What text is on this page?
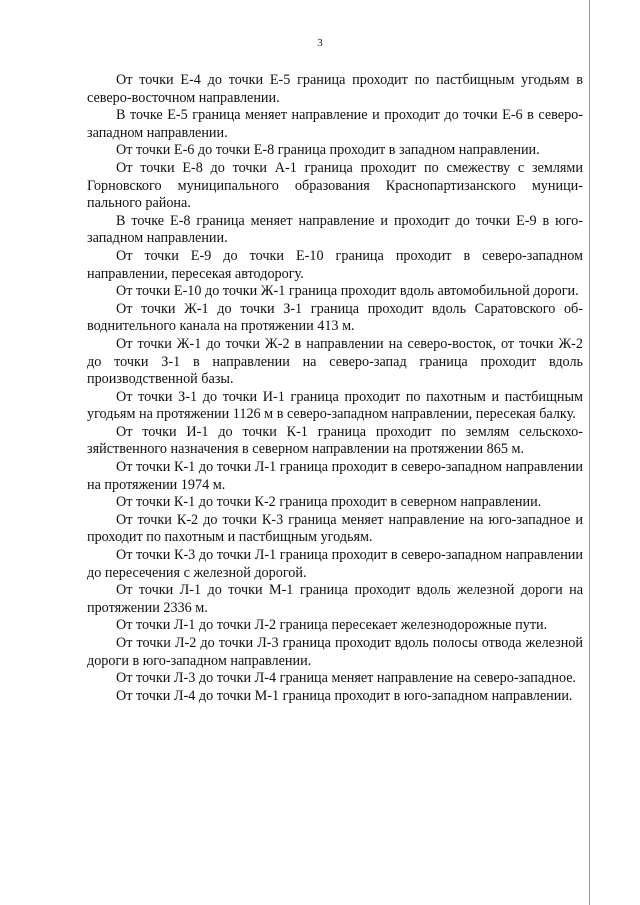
3

От точки Е-4 до точки Е-5 граница проходит по пастбищным угодьям в северо-восточном направлении.

В точке Е-5 граница меняет направление и проходит до точки Е-6 в северо-западном направлении.

От точки Е-6 до точки Е-8 граница проходит в западном направлении.

От точки Е-8 до точки А-1 граница проходит по смежеству с землями Горновского муниципального образования Краснопартизанского муниципального района.

В точке Е-8 граница меняет направление и проходит до точки Е-9 в юго-западном направлении.

От точки Е-9 до точки Е-10 граница проходит в северо-западном направлении, пересекая автодорогу.

От точки Е-10 до точки Ж-1 граница проходит вдоль автомобильной дороги.

От точки Ж-1 до точки З-1 граница проходит вдоль Саратовского обводнительного канала на протяжении 413 м.

От точки Ж-1 до точки Ж-2 в направлении на северо-восток, от точки Ж-2 до точки З-1 в направлении на северо-запад граница проходит вдоль производственной базы.

От точки З-1 до точки И-1 граница проходит по пахотным и пастбищным угодьям на протяжении 1126 м в северо-западном направлении, пересекая балку.

От точки И-1 до точки К-1 граница проходит по землям сельскохозяйственного назначения в северном направлении на протяжении 865 м.

От точки К-1 до точки Л-1 граница проходит в северо-западном направлении на протяжении 1974 м.

От точки К-1 до точки К-2 граница проходит в северном направлении.

От точки К-2 до точки К-3 граница меняет направление на юго-западное и проходит по пахотным и пастбищным угодьям.

От точки К-3 до точки Л-1 граница проходит в северо-западном направлении до пересечения с железной дорогой.

От точки Л-1 до точки М-1 граница проходит вдоль железной дороги на протяжении 2336 м.

От точки Л-1 до точки Л-2 граница пересекает железнодорожные пути.

От точки Л-2 до точки Л-3 граница проходит вдоль полосы отвода железной дороги в юго-западном направлении.

От точки Л-3 до точки Л-4 граница меняет направление на северо-западное.

От точки Л-4 до точки М-1 граница проходит в юго-западном направлении.
